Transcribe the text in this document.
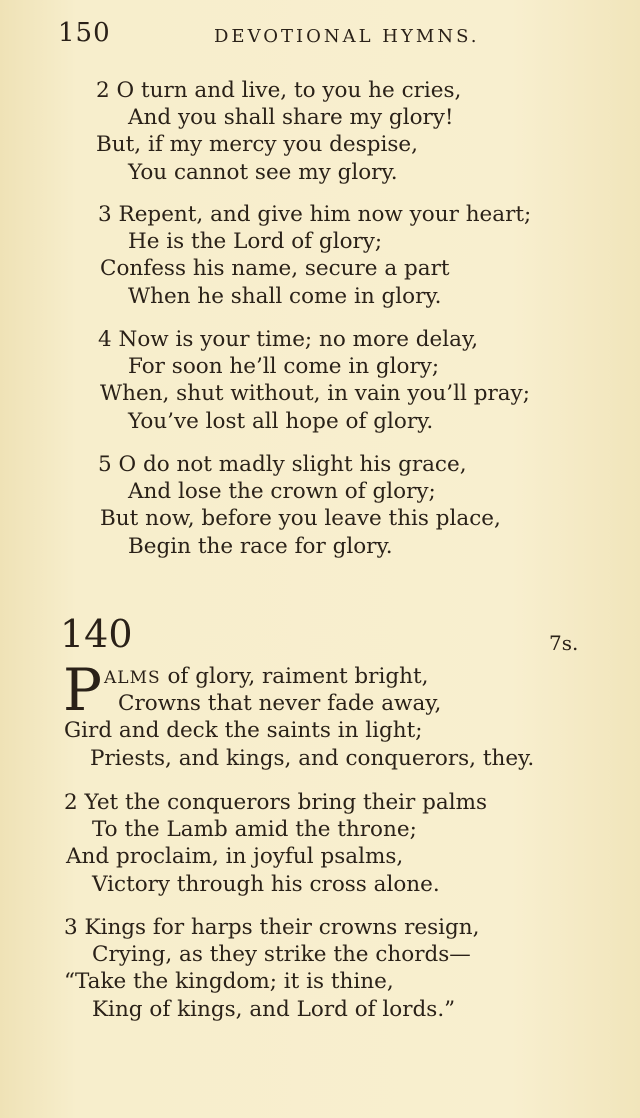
150	DEVOTIONAL HYMNS.
2 O turn and live, to you he cries,
And you shall share my glory!
But, if my mercy you despise,
You cannot see my glory.
3 Repent, and give him now your heart;
He is the Lord of glory;
Confess his name, secure a part
When he shall come in glory.
4 Now is your time; no more delay,
For soon he’ll come in glory;
When, shut without, in vain you’ll pray;
You’ve lost all hope of glory.
5 O do not madly slight his grace,
And lose the crown of glory;
But now, before you leave this place,
Begin the race for glory.
140	7s.
P ALMS of glory, raiment bright,
Crowns that never fade away,
Gird and deck the saints in light;
Priests, and kings, and conquerors, they.
2 Yet the conquerors bring their palms
To the Lamb amid the throne;
And proclaim, in joyful psalms,
Victory through his cross alone.
3 Kings for harps their crowns resign,
Crying, as they strike the chords—
“Take the kingdom; it is thine,
King of kings, and Lord of lords.”
